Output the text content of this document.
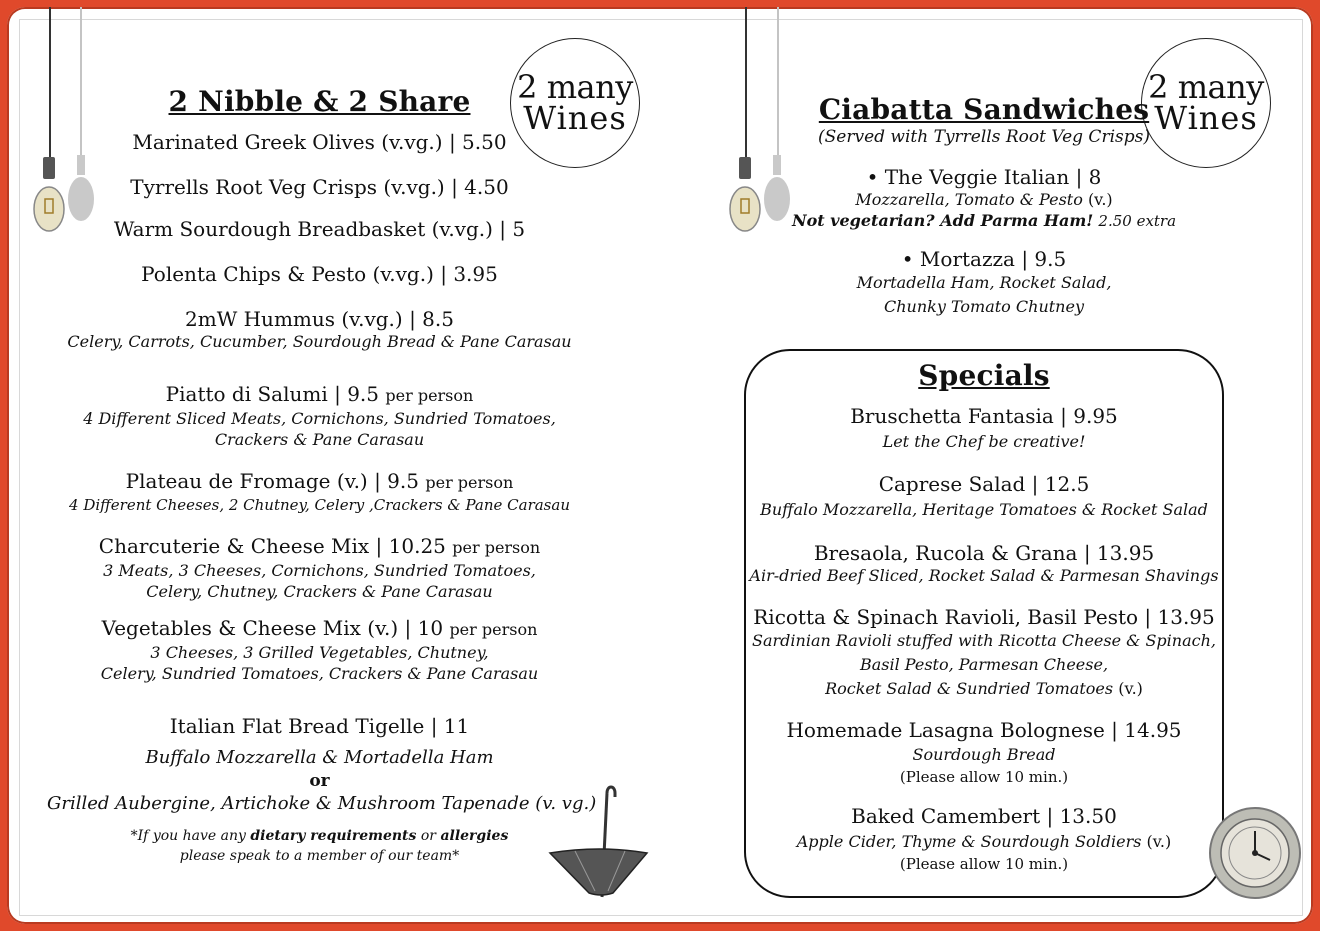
2 many
Wines
2 many
Wines
2 Nibble & 2 Share
Marinated Greek Olives (v.vg.) | 5.50
Tyrrells Root Veg Crisps (v.vg.) | 4.50
Warm Sourdough Breadbasket (v.vg.) | 5
Polenta Chips & Pesto (v.vg.) | 3.95
2mW Hummus (v.vg.) | 8.5
Celery, Carrots, Cucumber, Sourdough Bread & Pane Carasau
Piatto di Salumi | 9.5 per person
4 Different Sliced Meats, Cornichons, Sundried Tomatoes,
Crackers & Pane Carasau
Plateau de Fromage (v.) | 9.5 per person
4 Different Cheeses, 2 Chutney, Celery ,Crackers & Pane Carasau
Charcuterie & Cheese Mix | 10.25 per person
3 Meats, 3 Cheeses, Cornichons, Sundried Tomatoes,
Celery, Chutney, Crackers & Pane Carasau
Vegetables & Cheese Mix (v.) | 10 per person
3 Cheeses, 3 Grilled Vegetables, Chutney,
Celery, Sundried Tomatoes, Crackers & Pane Carasau
Italian Flat Bread Tigelle | 11
Buffalo Mozzarella & Mortadella Ham
or
Grilled Aubergine, Artichoke & Mushroom Tapenade (v. vg.)
*If you have any dietary requirements or allergies
please speak to a member of our team*
Ciabatta Sandwiches
(Served with Tyrrells Root Veg Crisps)
• The Veggie Italian | 8
Mozzarella, Tomato & Pesto (v.)
Not vegetarian? Add Parma Ham! 2.50 extra
• Mortazza | 9.5
Mortadella Ham, Rocket Salad,
Chunky Tomato Chutney
Specials
Bruschetta Fantasia | 9.95
Let the Chef be creative!
Caprese Salad | 12.5
Buffalo Mozzarella, Heritage Tomatoes & Rocket Salad
Bresaola, Rucola & Grana | 13.95
Air-dried Beef Sliced, Rocket Salad & Parmesan Shavings
Ricotta & Spinach Ravioli, Basil Pesto | 13.95
Sardinian Ravioli stuffed with Ricotta Cheese & Spinach,
Basil Pesto, Parmesan Cheese,
Rocket Salad & Sundried Tomatoes (v.)
Homemade Lasagna Bolognese | 14.95
Sourdough Bread
(Please allow 10 min.)
Baked Camembert | 13.50
Apple Cider, Thyme & Sourdough Soldiers (v.)
(Please allow 10 min.)
